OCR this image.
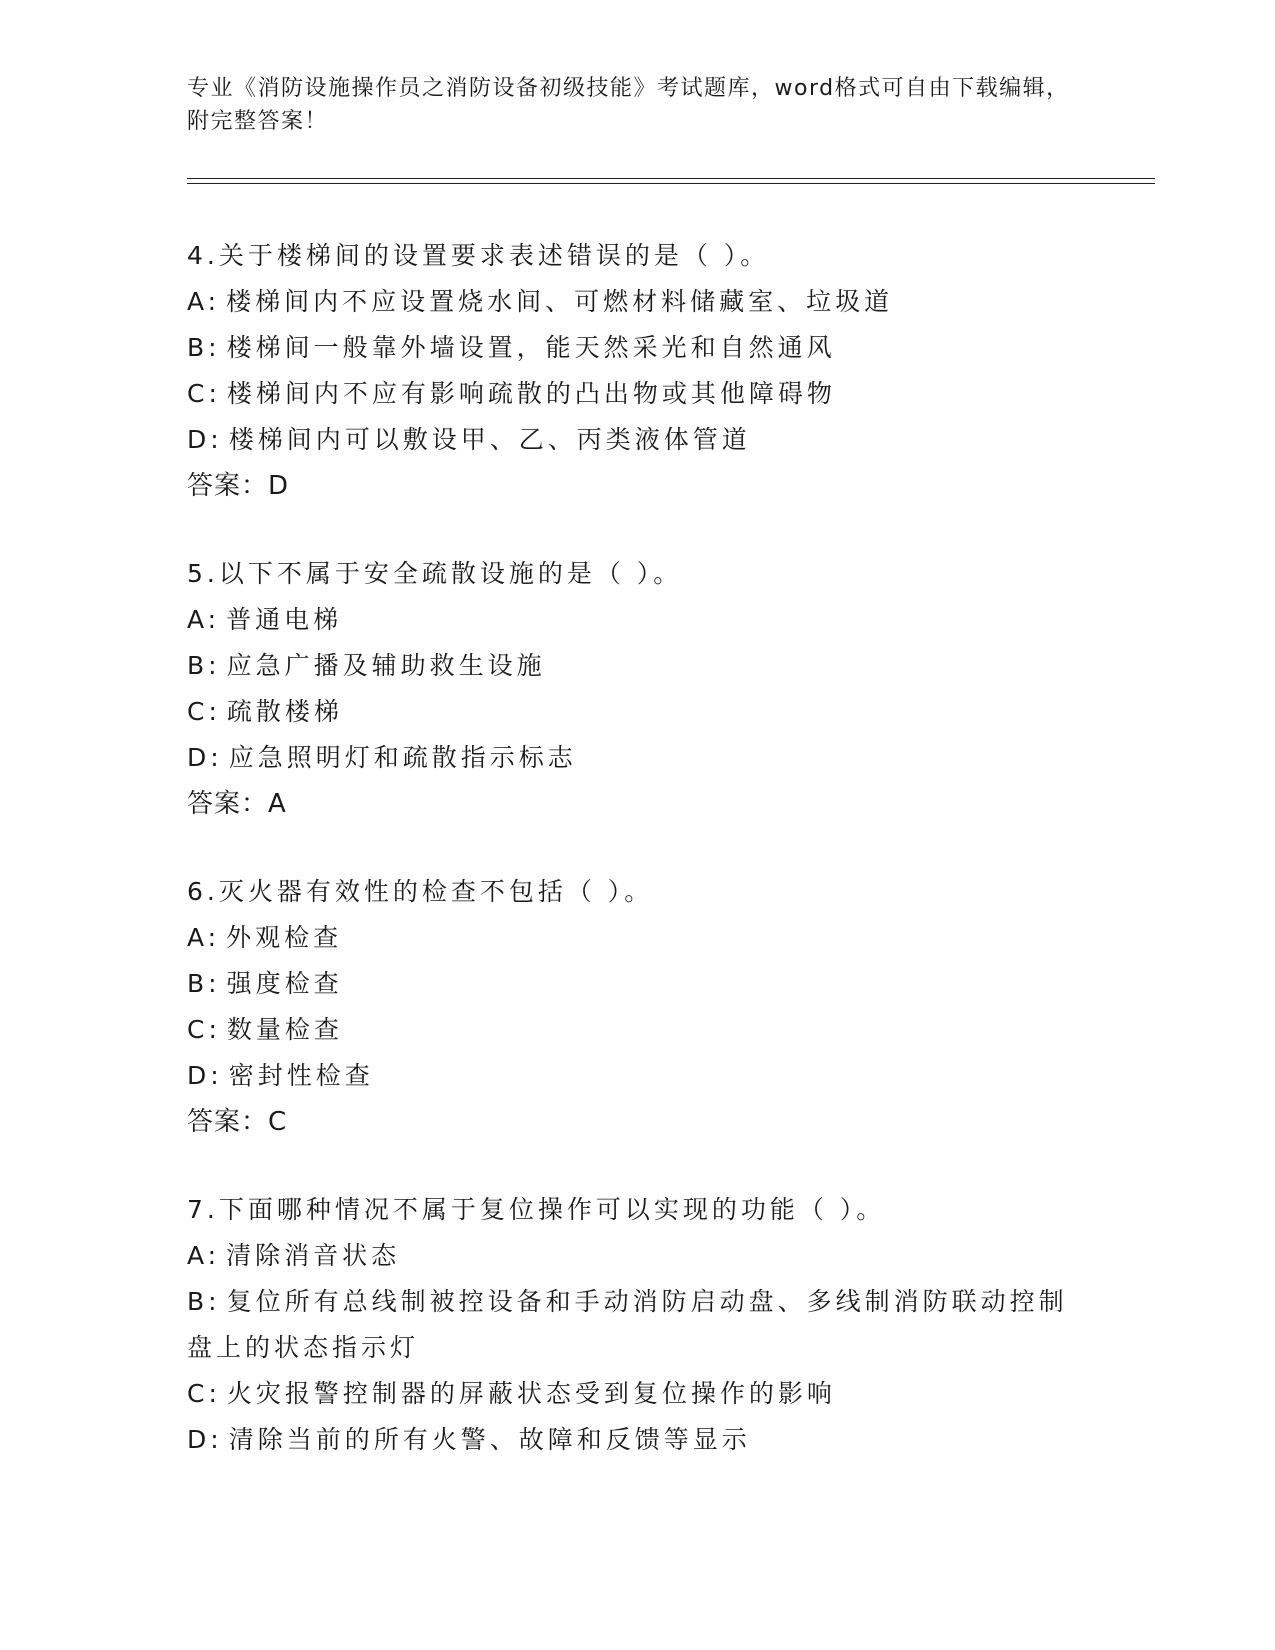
专业《消防设施操作员之消防设备初级技能》考试题库，word格式可自由下载编辑，附完整答案！
4.关于楼梯间的设置要求表述错误的是（ ）。
A: 楼梯间内不应设置烧水间、可燃材料储藏室、垃圾道
B: 楼梯间一般靠外墙设置，能天然采光和自然通风
C: 楼梯间内不应有影响疏散的凸出物或其他障碍物
D: 楼梯间内可以敷设甲、乙、丙类液体管道
答案：D
5.以下不属于安全疏散设施的是（ ）。
A: 普通电梯
B: 应急广播及辅助救生设施
C: 疏散楼梯
D: 应急照明灯和疏散指示标志
答案：A
6.灭火器有效性的检查不包括（ ）。
A: 外观检查
B: 强度检查
C: 数量检查
D: 密封性检查
答案：C
7.下面哪种情况不属于复位操作可以实现的功能（ ）。
A: 清除消音状态
B: 复位所有总线制被控设备和手动消防启动盘、多线制消防联动控制盘上的状态指示灯
C: 火灾报警控制器的屏蔽状态受到复位操作的影响
D: 清除当前的所有火警、故障和反馈等显示
